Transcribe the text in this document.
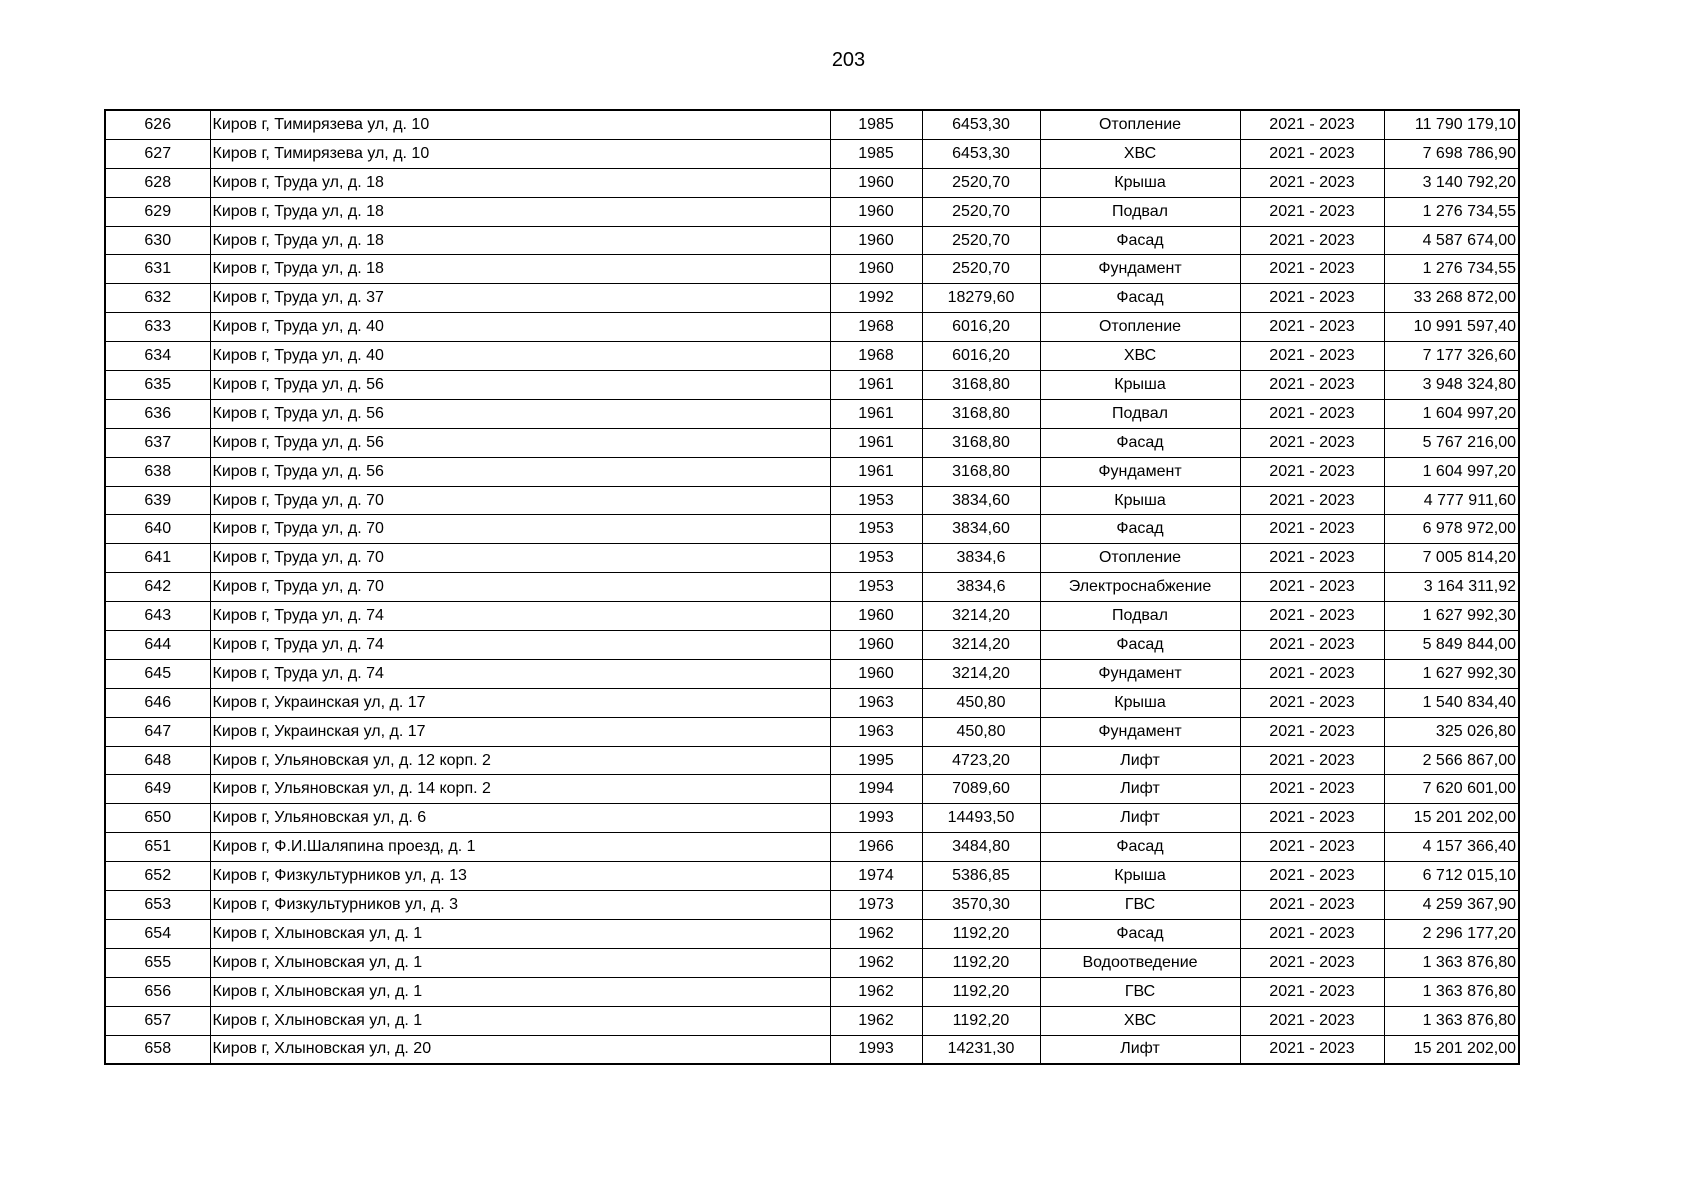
203
626	Киров г, Тимирязева ул, д. 10	1985	6453,30	Отопление	2021 - 2023	11 790 179,10
627	Киров г, Тимирязева ул, д. 10	1985	6453,30	ХВС	2021 - 2023	7 698 786,90
628	Киров г, Труда ул, д. 18	1960	2520,70	Крыша	2021 - 2023	3 140 792,20
629	Киров г, Труда ул, д. 18	1960	2520,70	Подвал	2021 - 2023	1 276 734,55
630	Киров г, Труда ул, д. 18	1960	2520,70	Фасад	2021 - 2023	4 587 674,00
631	Киров г, Труда ул, д. 18	1960	2520,70	Фундамент	2021 - 2023	1 276 734,55
632	Киров г, Труда ул, д. 37	1992	18279,60	Фасад	2021 - 2023	33 268 872,00
633	Киров г, Труда ул, д. 40	1968	6016,20	Отопление	2021 - 2023	10 991 597,40
634	Киров г, Труда ул, д. 40	1968	6016,20	ХВС	2021 - 2023	7 177 326,60
635	Киров г, Труда ул, д. 56	1961	3168,80	Крыша	2021 - 2023	3 948 324,80
636	Киров г, Труда ул, д. 56	1961	3168,80	Подвал	2021 - 2023	1 604 997,20
637	Киров г, Труда ул, д. 56	1961	3168,80	Фасад	2021 - 2023	5 767 216,00
638	Киров г, Труда ул, д. 56	1961	3168,80	Фундамент	2021 - 2023	1 604 997,20
639	Киров г, Труда ул, д. 70	1953	3834,60	Крыша	2021 - 2023	4 777 911,60
640	Киров г, Труда ул, д. 70	1953	3834,60	Фасад	2021 - 2023	6 978 972,00
641	Киров г, Труда ул, д. 70	1953	3834,6	Отопление	2021 - 2023	7 005 814,20
642	Киров г, Труда ул, д. 70	1953	3834,6	Электроснабжение	2021 - 2023	3 164 311,92
643	Киров г, Труда ул, д. 74	1960	3214,20	Подвал	2021 - 2023	1 627 992,30
644	Киров г, Труда ул, д. 74	1960	3214,20	Фасад	2021 - 2023	5 849 844,00
645	Киров г, Труда ул, д. 74	1960	3214,20	Фундамент	2021 - 2023	1 627 992,30
646	Киров г, Украинская ул, д. 17	1963	450,80	Крыша	2021 - 2023	1 540 834,40
647	Киров г, Украинская ул, д. 17	1963	450,80	Фундамент	2021 - 2023	325 026,80
648	Киров г, Ульяновская ул, д. 12 корп. 2	1995	4723,20	Лифт	2021 - 2023	2 566 867,00
649	Киров г, Ульяновская ул, д. 14 корп. 2	1994	7089,60	Лифт	2021 - 2023	7 620 601,00
650	Киров г, Ульяновская ул, д. 6	1993	14493,50	Лифт	2021 - 2023	15 201 202,00
651	Киров г, Ф.И.Шаляпина проезд, д. 1	1966	3484,80	Фасад	2021 - 2023	4 157 366,40
652	Киров г, Физкультурников ул, д. 13	1974	5386,85	Крыша	2021 - 2023	6 712 015,10
653	Киров г, Физкультурников ул, д. 3	1973	3570,30	ГВС	2021 - 2023	4 259 367,90
654	Киров г, Хлыновская ул, д. 1	1962	1192,20	Фасад	2021 - 2023	2 296 177,20
655	Киров г, Хлыновская ул, д. 1	1962	1192,20	Водоотведение	2021 - 2023	1 363 876,80
656	Киров г, Хлыновская ул, д. 1	1962	1192,20	ГВС	2021 - 2023	1 363 876,80
657	Киров г, Хлыновская ул, д. 1	1962	1192,20	ХВС	2021 - 2023	1 363 876,80
658	Киров г, Хлыновская ул, д. 20	1993	14231,30	Лифт	2021 - 2023	15 201 202,00
